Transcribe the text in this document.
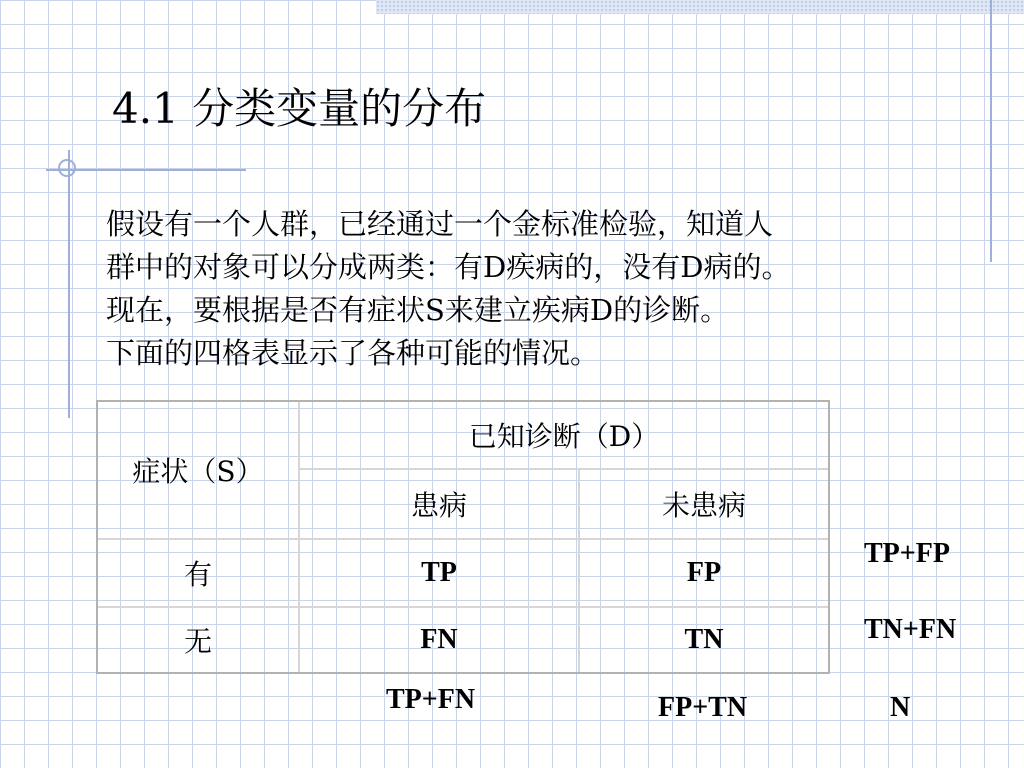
4.1 分类变量的分布
假设有一个人群，已经通过一个金标准检验，知道人
群中的对象可以分成两类：有D疾病的，没有D病的。
现在，要根据是否有症状S来建立疾病D的诊断。
下面的四格表显示了各种可能的情况。
症状（S）
已知诊断（D）
患病	未患病
有	TP	FP
无	FN	TN
TP+FP
TN+FN
TP+FN	FP+TN	N
